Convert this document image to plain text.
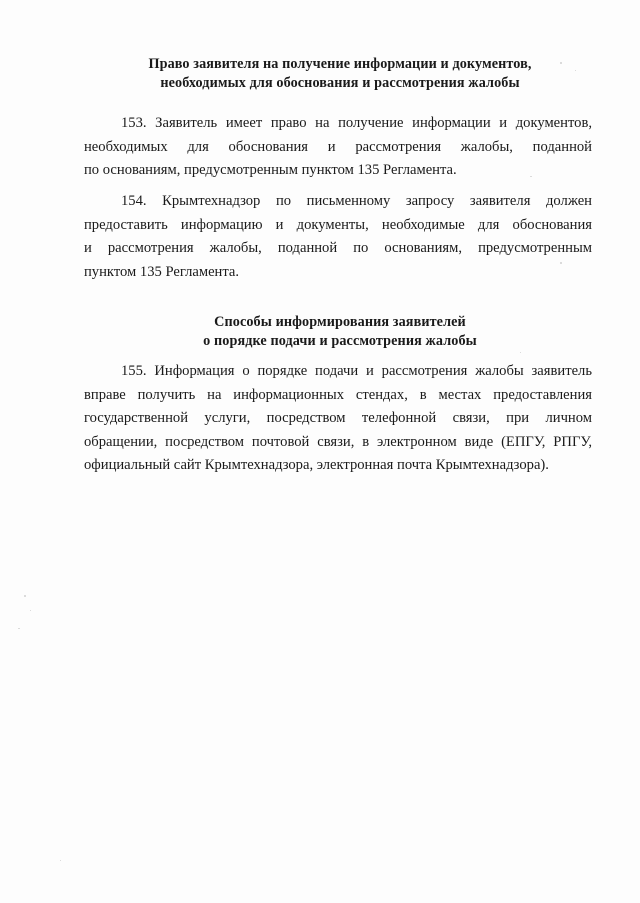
Право заявителя на получение информации и документов,
необходимых для обоснования и рассмотрения жалобы
153. Заявитель имеет право на получение информации и документов,
необходимых для обоснования и рассмотрения жалобы, поданной
по основаниям, предусмотренным пунктом 135 Регламента.
154. Крымтехнадзор по письменному запросу заявителя должен
предоставить информацию и документы, необходимые для обоснования
и рассмотрения жалобы, поданной по основаниям, предусмотренным
пунктом 135 Регламента.
Способы информирования заявителей
о порядке подачи и рассмотрения жалобы
155. Информация о порядке подачи и рассмотрения жалобы заявитель
вправе получить на информационных стендах, в местах предоставления
государственной услуги, посредством телефонной связи, при личном
обращении, посредством почтовой связи, в электронном виде (ЕПГУ, РПГУ,
официальный сайт Крымтехнадзора, электронная почта Крымтехнадзора).
